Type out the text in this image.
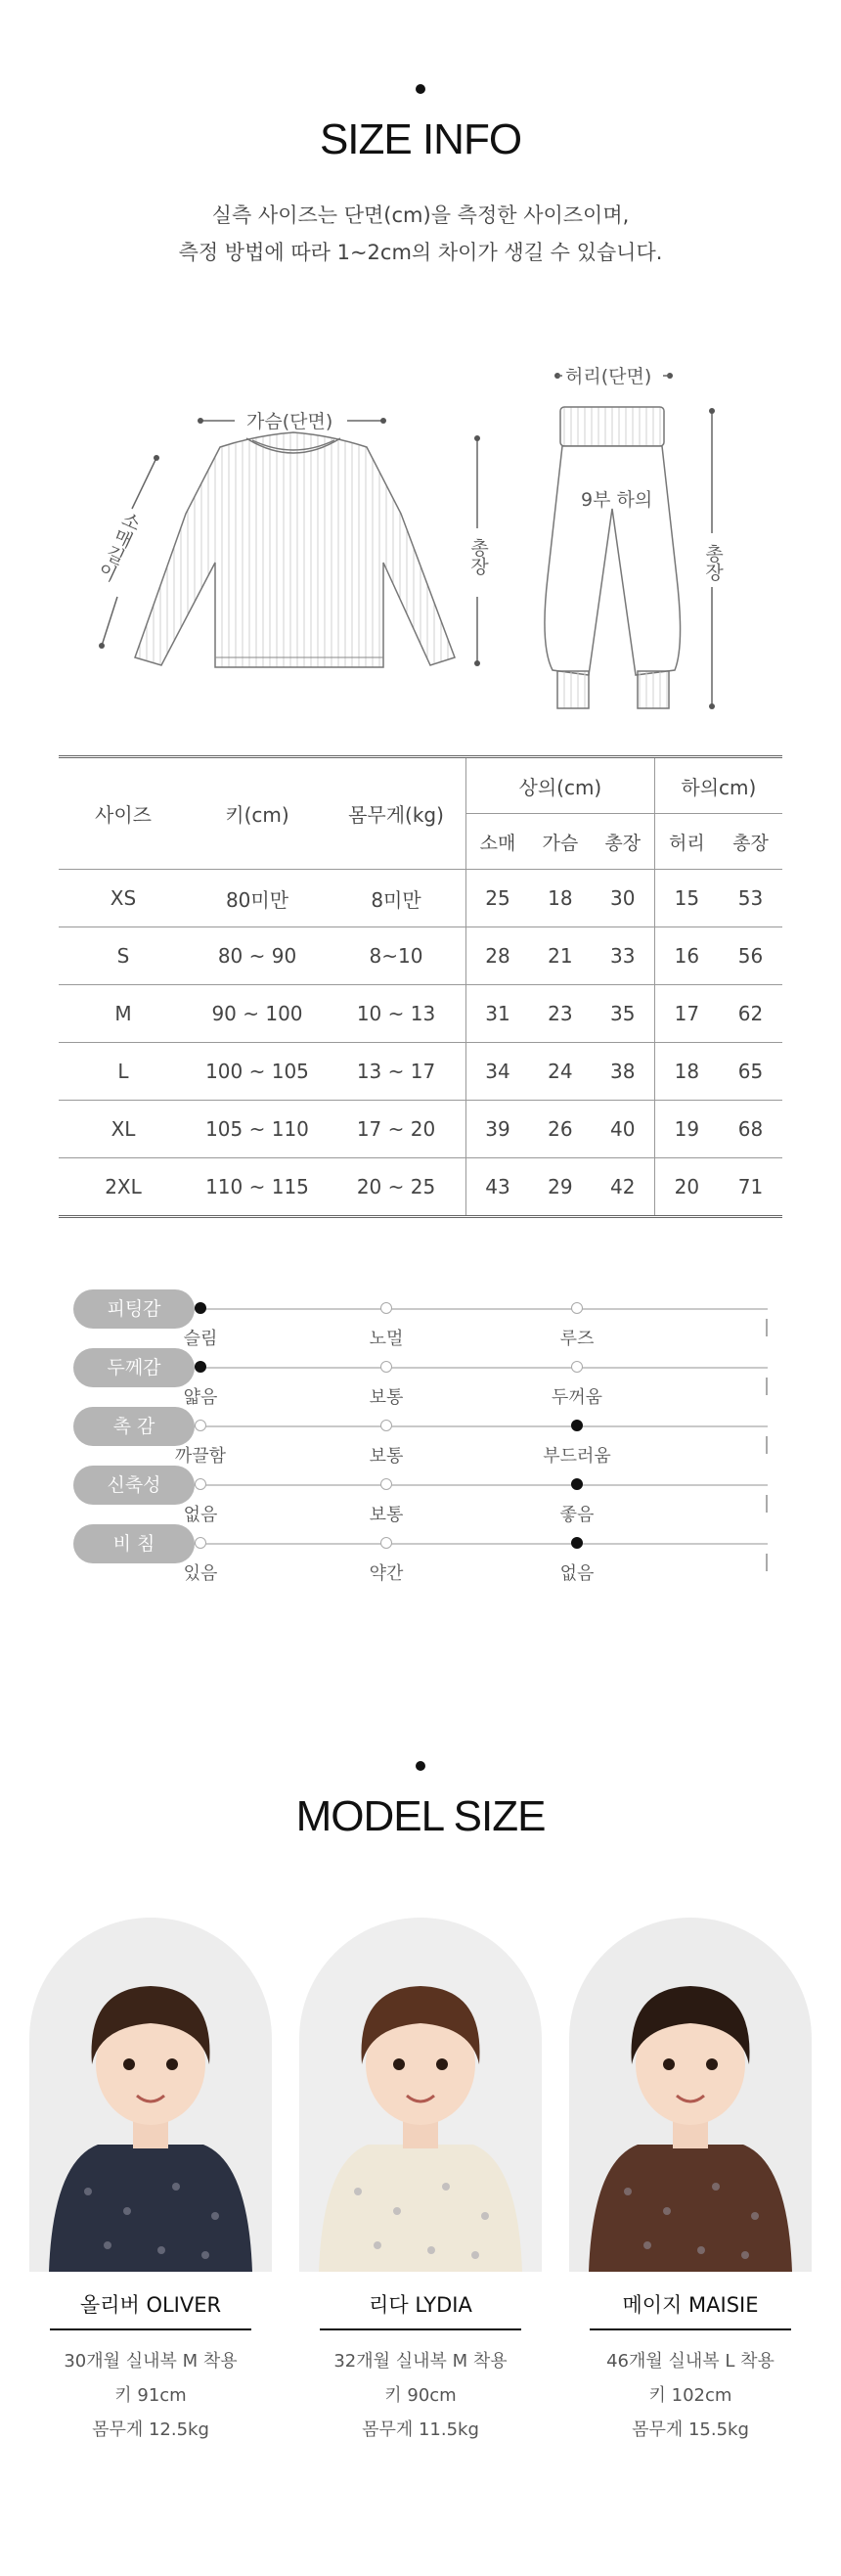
SIZE INFO
실측 사이즈는 단면(cm)을 측정한 사이즈이며,
측정 방법에 따라 1~2cm의 차이가 생길 수 있습니다.
가슴(단면)
허리(단면)
9부 하의
소매길이	총장	총장
사이즈	키(cm)	몸무게(kg)	상의(cm)			하의cm)	
			소매	가슴	총장	허리	총장
XS	80미만	8미만	25	18	30	15	53
S	80 ~ 90	8~10	28	21	33	16	56
M	90 ~ 100	10 ~ 13	31	23	35	17	62
L	100 ~ 105	13 ~ 17	34	24	38	18	65
XL	105 ~ 110	17 ~ 20	39	26	40	19	68
2XL	110 ~ 115	20 ~ 25	43	29	42	20	71
피팅감
슬림	노멀	루즈
두께감
얇음	보통	두꺼움
촉 감
까끌함	보통	부드러움
신축성
없음	보통	좋음
비 침
있음	약간	없음
MODEL SIZE
올리버 OLIVER
30개월 실내복 M 착용
키 91cm
몸무게 12.5kg
리다 LYDIA
32개월 실내복 M 착용
키 90cm
몸무게 11.5kg
메이지 MAISIE
46개월 실내복 L 착용
키 102cm
몸무게 15.5kg
